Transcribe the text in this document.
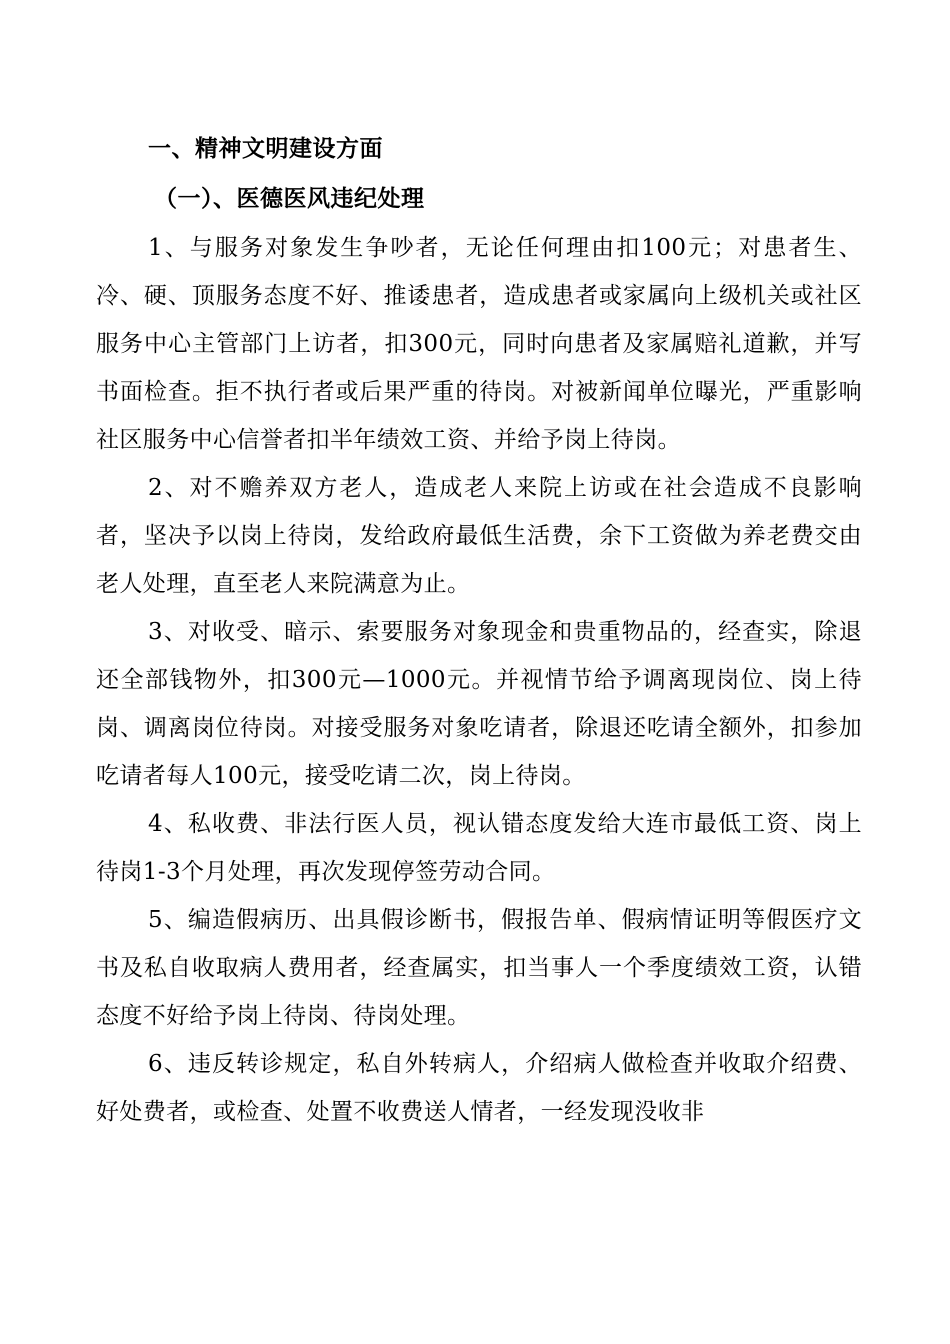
一、精神文明建设方面

（一）、医德医风违纪处理

1、与服务对象发生争吵者，无论任何理由扣100元；对患者生、冷、硬、顶服务态度不好、推诿患者，造成患者或家属向上级机关或社区服务中心主管部门上访者，扣300元，同时向患者及家属赔礼道歉，并写书面检查。拒不执行者或后果严重的待岗。对被新闻单位曝光，严重影响社区服务中心信誉者扣半年绩效工资、并给予岗上待岗。

2、对不赡养双方老人，造成老人来院上访或在社会造成不良影响者，坚决予以岗上待岗，发给政府最低生活费，余下工资做为养老费交由老人处理，直至老人来院满意为止。

3、对收受、暗示、索要服务对象现金和贵重物品的，经查实，除退还全部钱物外，扣300元—1000元。并视情节给予调离现岗位、岗上待岗、调离岗位待岗。对接受服务对象吃请者，除退还吃请全额外，扣参加吃请者每人100元，接受吃请二次，岗上待岗。

4、私收费、非法行医人员，视认错态度发给大连市最低工资、岗上待岗1-3个月处理，再次发现停签劳动合同。

5、编造假病历、出具假诊断书，假报告单、假病情证明等假医疗文书及私自收取病人费用者，经查属实，扣当事人一个季度绩效工资，认错态度不好给予岗上待岗、待岗处理。

6、违反转诊规定，私自外转病人，介绍病人做检查并收取介绍费、好处费者，或检查、处置不收费送人情者，一经发现没收非
